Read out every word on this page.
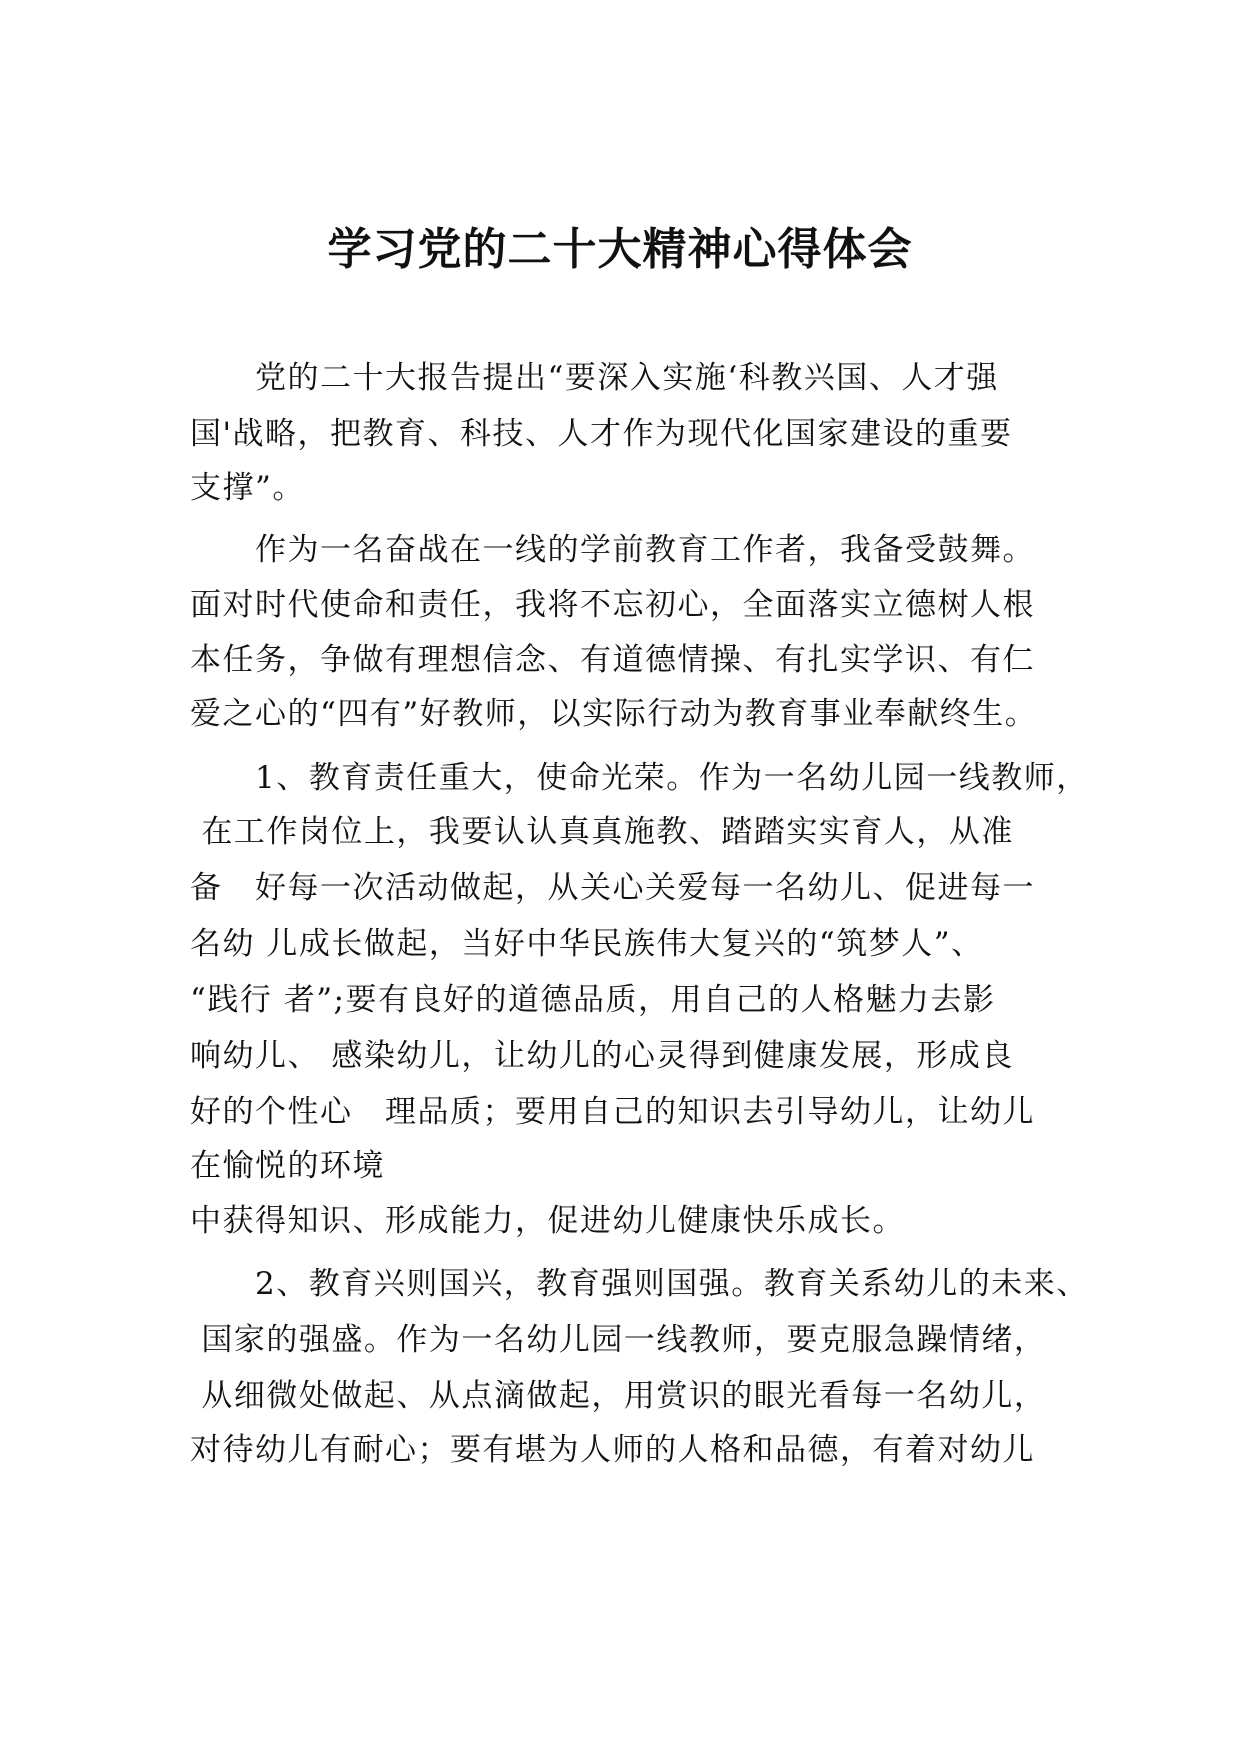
学习党的二十大精神心得体会
　　党的二十大报告提出“要深入实施‘科教兴国、人才强
国'战略，把教育、科技、人才作为现代化国家建设的重要
支撑”。
　　作为一名奋战在一线的学前教育工作者，我备受鼓舞。
面对时代使命和责任，我将不忘初心，全面落实立德树人根
本任务，争做有理想信念、有道德情操、有扎实学识、有仁
爱之心的“四有”好教师，以实际行动为教育事业奉献终生。
　　1、教育责任重大，使命光荣。作为一名幼儿园一线教师，
在工作岗位上，我要认认真真施教、踏踏实实育人，从准
备　好每一次活动做起，从关心关爱每一名幼儿、促进每一
名幼 儿成长做起，当好中华民族伟大复兴的“筑梦人”、
“践行 者”;要有良好的道德品质，用自己的人格魅力去影
响幼儿、 感染幼儿，让幼儿的心灵得到健康发展，形成良
好的个性心　理品质；要用自己的知识去引导幼儿，让幼儿
在愉悦的环境
中获得知识、形成能力，促进幼儿健康快乐成长。
　　2、教育兴则国兴，教育强则国强。教育关系幼儿的未来、
国家的强盛。作为一名幼儿园一线教师，要克服急躁情绪，
从细微处做起、从点滴做起，用赏识的眼光看每一名幼儿，
对待幼儿有耐心；要有堪为人师的人格和品德，有着对幼儿
